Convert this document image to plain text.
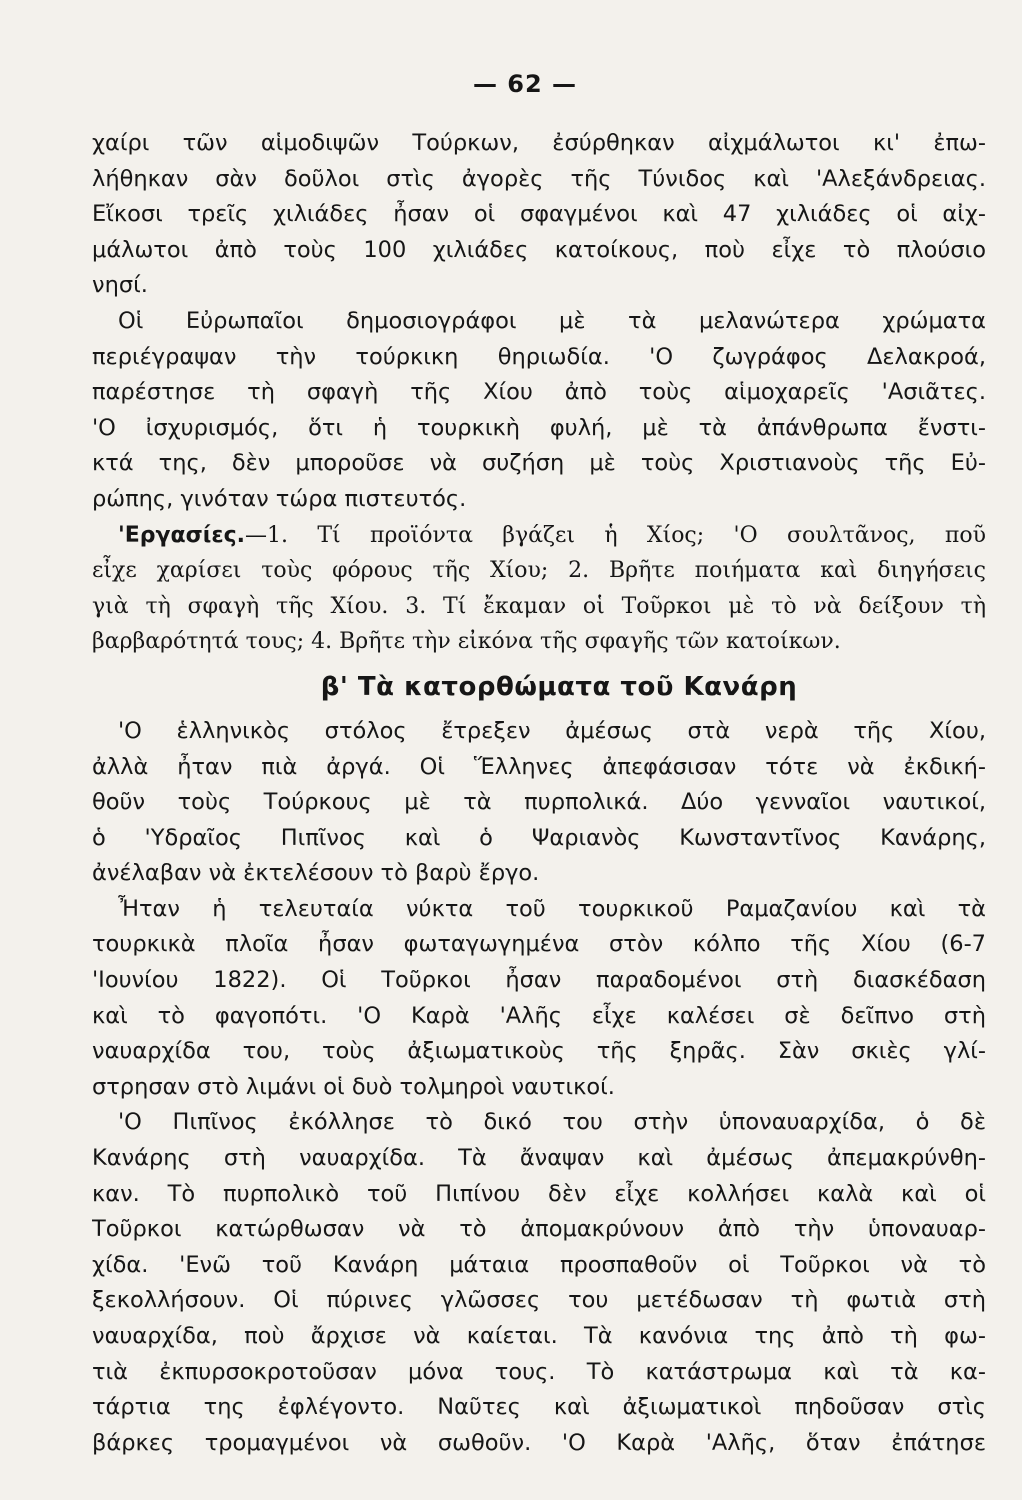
— 62 —
χαίρι τῶν αἱμοδιψῶν Τούρκων, ἐσύρθηκαν αἰχμάλωτοι κι' ἐπω-
λήθηκαν σὰν δοῦλοι στὶς ἀγορὲς τῆς Τύνιδος καὶ 'Αλεξάνδρειας.
Εἴκοσι τρεῖς χιλιάδες ἦσαν οἱ σφαγμένοι καὶ 47 χιλιάδες οἱ αἰχ-
μάλωτοι ἀπὸ τοὺς 100 χιλιάδες κατοίκους, ποὺ εἶχε τὸ πλούσιο
νησί.
Οἱ Εὐρωπαῖοι δημοσιογράφοι μὲ τὰ μελανώτερα χρώματα
περιέγραψαν τὴν τούρκικη θηριωδία. 'Ο ζωγράφος Δελακροά,
παρέστησε τὴ σφαγὴ τῆς Χίου ἀπὸ τοὺς αἱμοχαρεῖς 'Ασιᾶτες.
'Ο ἰσχυρισμός, ὅτι ἡ τουρκικὴ φυλή, μὲ τὰ ἀπάνθρωπα ἔνστι-
κτά της, δὲν μποροῦσε νὰ συζήση μὲ τοὺς Χριστιανοὺς τῆς Εὐ-
ρώπης, γινόταν τώρα πιστευτός.
'Εργασίες.—1. Τί προϊόντα βγάζει ἡ Χίος; 'Ο σουλτᾶνος, ποῦ
εἶχε χαρίσει τοὺς φόρους τῆς Χίου; 2. Βρῆτε ποιήματα καὶ διηγήσεις
γιὰ τὴ σφαγὴ τῆς Χίου. 3. Τί ἔκαμαν οἱ Τοῦρκοι μὲ τὸ νὰ δείξουν τὴ
βαρβαρότητά τους; 4. Βρῆτε τὴν εἰκόνα τῆς σφαγῆς τῶν κατοίκων.
β' Τὰ κατορθώματα τοῦ Κανάρη
'Ο ἑλληνικὸς στόλος ἔτρεξεν ἀμέσως στὰ νερὰ τῆς Χίου,
ἀλλὰ ἦταν πιὰ ἀργά. Οἱ Ἕλληνες ἀπεφάσισαν τότε νὰ ἐκδική-
θοῦν τοὺς Τούρκους μὲ τὰ πυρπολικά. Δύο γενναῖοι ναυτικοί,
ὁ 'Υδραῖος Πιπῖνος καὶ ὁ Ψαριανὸς Κωνσταντῖνος Κανάρης,
ἀνέλαβαν νὰ ἐκτελέσουν τὸ βαρὺ ἔργο.
Ἦταν ἡ τελευταία νύκτα τοῦ τουρκικοῦ Ραμαζανίου καὶ τὰ
τουρκικὰ πλοῖα ἦσαν φωταγωγημένα στὸν κόλπο τῆς Χίου (6-7
'Ιουνίου 1822). Οἱ Τοῦρκοι ἦσαν παραδομένοι στὴ διασκέδαση
καὶ τὸ φαγοπότι. 'Ο Καρὰ 'Αλῆς εἶχε καλέσει σὲ δεῖπνο στὴ
ναυαρχίδα του, τοὺς ἀξιωματικοὺς τῆς ξηρᾶς. Σὰν σκιὲς γλί-
στρησαν στὸ λιμάνι οἱ δυὸ τολμηροὶ ναυτικοί.
'Ο Πιπῖνος ἐκόλλησε τὸ δικό του στὴν ὑποναυαρχίδα, ὁ δὲ
Κανάρης στὴ ναυαρχίδα. Τὰ ἄναψαν καὶ ἀμέσως ἀπεμακρύνθη-
καν. Τὸ πυρπολικὸ τοῦ Πιπίνου δὲν εἶχε κολλήσει καλὰ καὶ οἱ
Τοῦρκοι κατώρθωσαν νὰ τὸ ἀπομακρύνουν ἀπὸ τὴν ὑποναυαρ-
χίδα. 'Ενῶ τοῦ Κανάρη μάταια προσπαθοῦν οἱ Τοῦρκοι νὰ τὸ
ξεκολλήσουν. Οἱ πύρινες γλῶσσες του μετέδωσαν τὴ φωτιὰ στὴ
ναυαρχίδα, ποὺ ἄρχισε νὰ καίεται. Τὰ κανόνια της ἀπὸ τὴ φω-
τιὰ ἐκπυρσοκροτοῦσαν μόνα τους. Τὸ κατάστρωμα καὶ τὰ κα-
τάρτια της ἐφλέγοντο. Ναῦτες καὶ ἀξιωματικοὶ πηδοῦσαν στὶς
βάρκες τρομαγμένοι νὰ σωθοῦν. 'Ο Καρὰ 'Αλῆς, ὅταν ἐπάτησε
